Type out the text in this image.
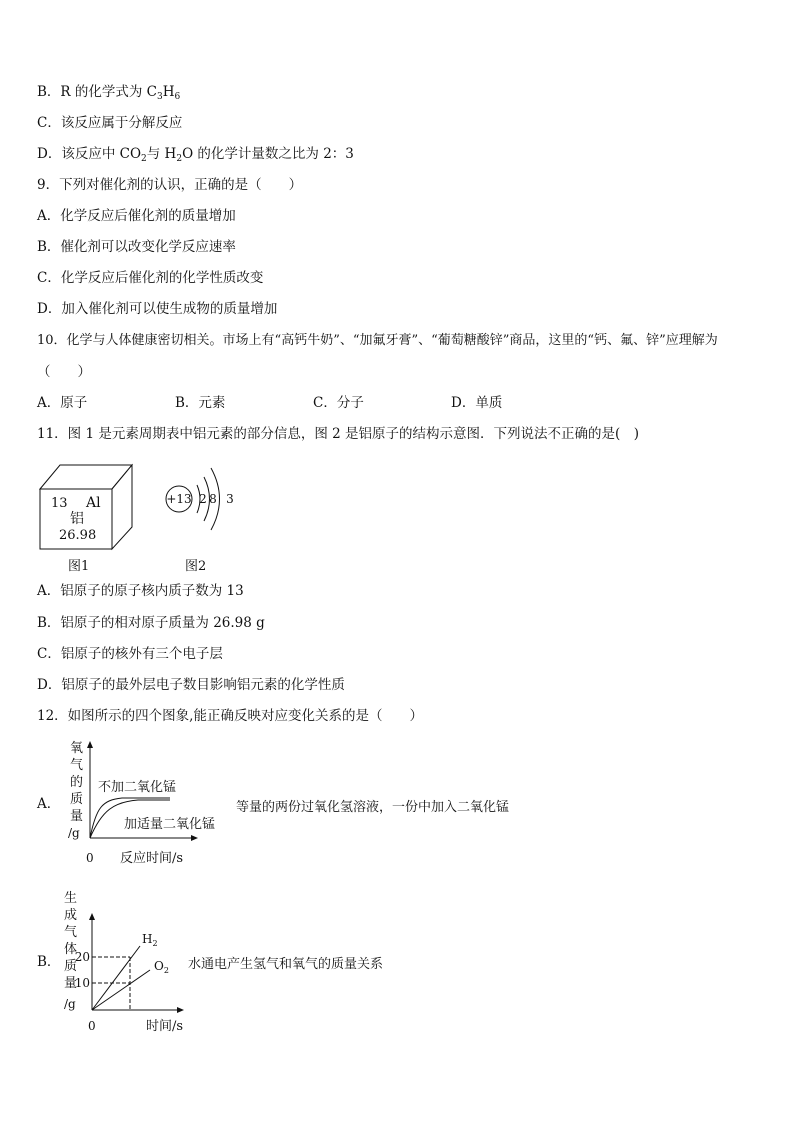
B．R 的化学式为 $C_3H_6$
C．该反应属于分解反应
D．该反应中 $CO_2$与 $H_2O$ 的化学计量数之比为 2：3
9．下列对催化剂的认识，正确的是（　　）
A．化学反应后催化剂的质量增加
B．催化剂可以改变化学反应速率
C．化学反应后催化剂的化学性质改变
D．加入催化剂可以使生成物的质量增加
10．化学与人体健康密切相关。市场上有“高钙牛奶”、“加氟牙膏”、“葡萄糖酸锌”商品，这里的“钙、氟、锌”应理解为
（　　）
A．原子	B．元素	C．分子	D．单质
11．图 1 是元素周期表中铝元素的部分信息，图 2 是铝原子的结构示意图．下列说法不正确的是(　)
13 Al
铝
26.98
图1
+13 2 8 3
图2
A．铝原子的原子核内质子数为 13
B．铝原子的相对原子质量为 26.98 g
C．铝原子的核外有三个电子层
D．铝原子的最外层电子数目影响铝元素的化学性质
12．如图所示的四个图象,能正确反映对应变化关系的是（　　）
A．
氧
气
的
质
量
/g
不加二氧化锰
加适量二氧化锰
0 反应时间/s
等量的两份过氧化氢溶液，一份中加入二氧化锰
B．
生
成
气
体
质
量
/g
20
10
$H_2$
$O_2$
0	时间/s
水通电产生氢气和氧气的质量关系
